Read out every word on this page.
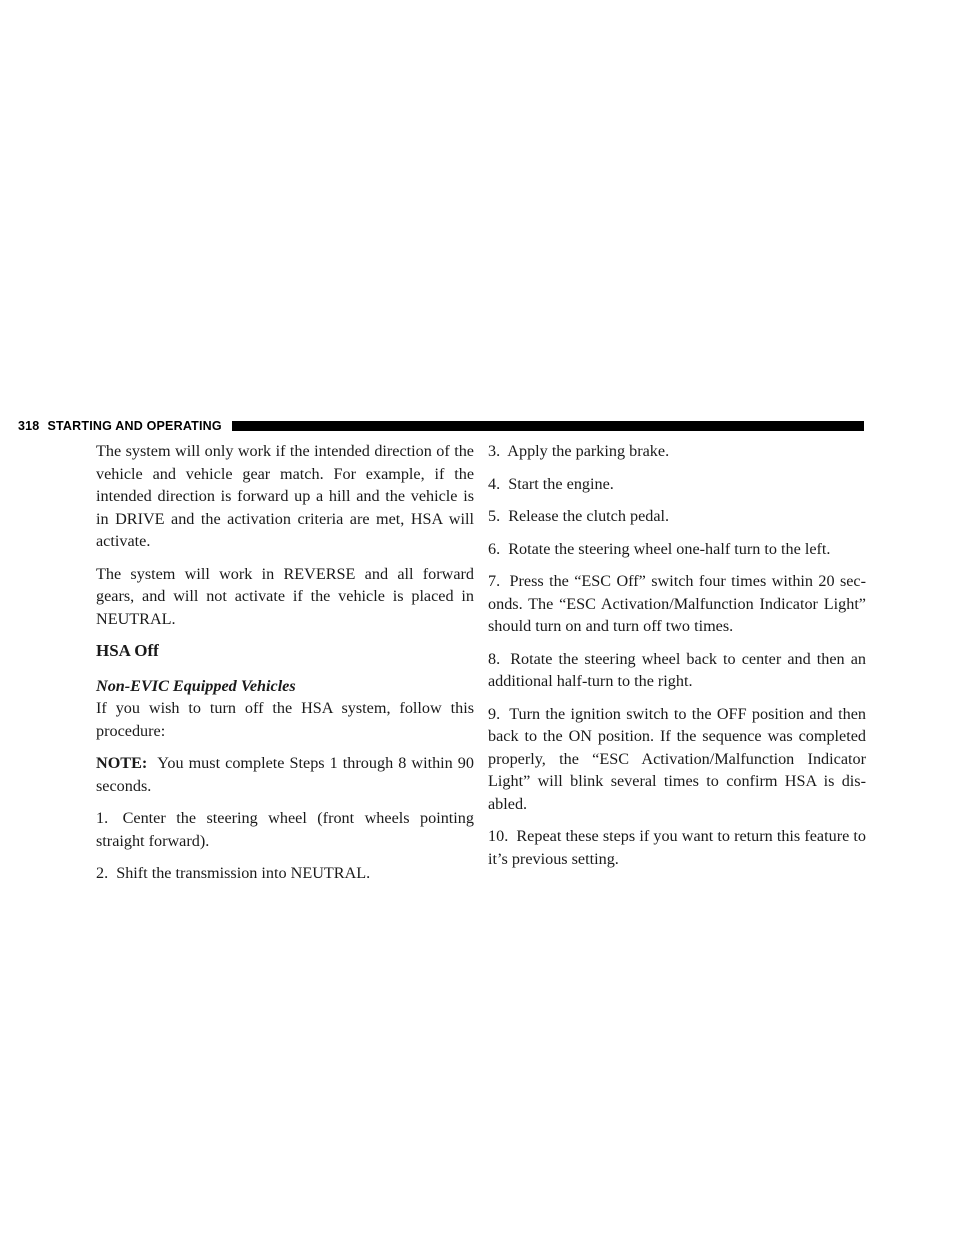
318 STARTING AND OPERATING

The system will only work if the intended direction of the vehicle and vehicle gear match. For example, if the intended direction is forward up a hill and the vehicle is in DRIVE and the activation criteria are met, HSA will activate.

The system will work in REVERSE and all forward gears, and will not activate if the vehicle is placed in NEUTRAL.

HSA Off
Non-EVIC Equipped Vehicles

If you wish to turn off the HSA system, follow this procedure:

NOTE: You must complete Steps 1 through 8 within 90 seconds.

1. Center the steering wheel (front wheels pointing straight forward).

2. Shift the transmission into NEUTRAL.

3. Apply the parking brake.

4. Start the engine.

5. Release the clutch pedal.

6. Rotate the steering wheel one-half turn to the left.

7. Press the “ESC Off” switch four times within 20 sec-onds. The “ESC Activation/Malfunction Indicator Light” should turn on and turn off two times.

8. Rotate the steering wheel back to center and then an additional half-turn to the right.

9. Turn the ignition switch to the OFF position and then back to the ON position. If the sequence was completed properly, the “ESC Activation/Malfunction Indicator Light” will blink several times to confirm HSA is dis-abled.

10. Repeat these steps if you want to return this feature to it’s previous setting.
